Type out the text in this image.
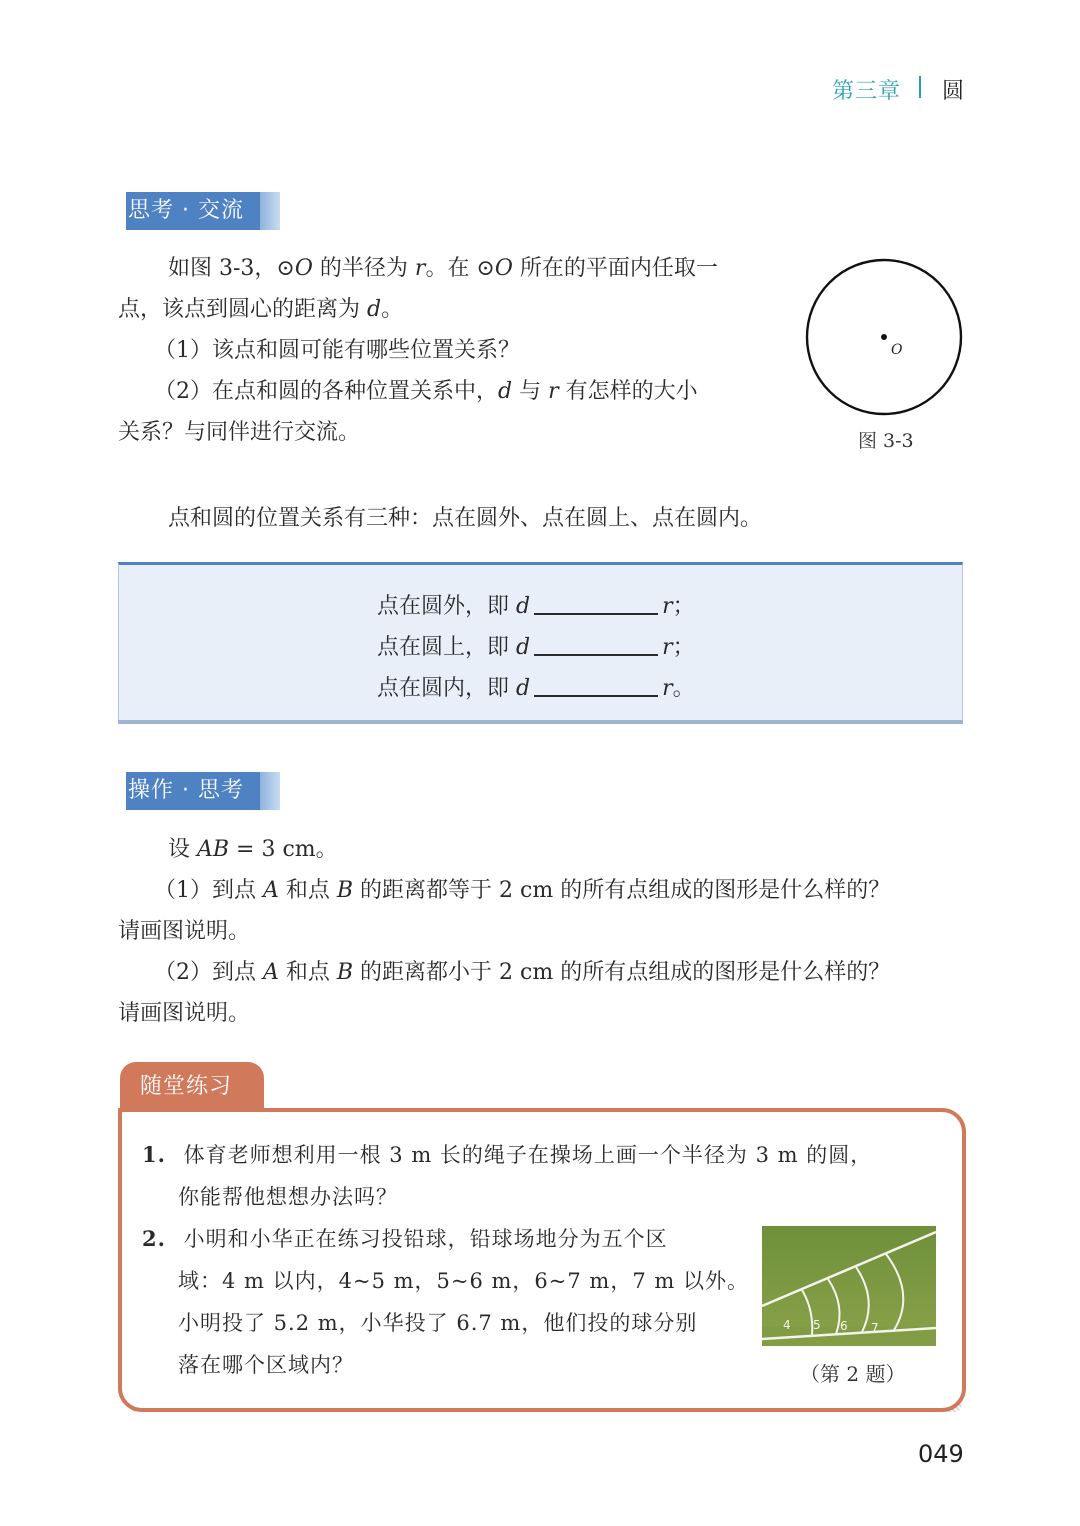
第三章 圆
思考 · 交流

如图 3-3，⊙O 的半径为 r。在 ⊙O 所在的平面内任取一

点，该点到圆心的距离为 d。

（1）该点和圆可能有哪些位置关系？

（2）在点和圆的各种位置关系中，d 与 r 有怎样的大小

关系？与同伴进行交流。

O
图 3-3

点和圆的位置关系有三种：点在圆外、点在圆上、点在圆内。

点在圆外，即 d	r；
点在圆上，即 d	r；
点在圆内，即 d	r。
操作 · 思考

设 AB = 3 cm。

（1）到点 A 和点 B 的距离都等于 2 cm 的所有点组成的图形是什么样的？

请画图说明。

（2）到点 A 和点 B 的距离都小于 2 cm 的所有点组成的图形是什么样的？

请画图说明。

1. 体育老师想利用一根 3 m 长的绳子在操场上画一个半径为 3 m 的圆，
你能帮他想想办法吗？
2. 小明和小华正在练习投铅球，铅球场地分为五个区
域：4 m 以内，4~5 m，5~6 m，6~7 m，7 m 以外。
小明投了 5.2 m，小华投了 6.7 m，他们投的球分别
落在哪个区域内？
随堂练习
4 5 6 7
（第 2 题）
049
